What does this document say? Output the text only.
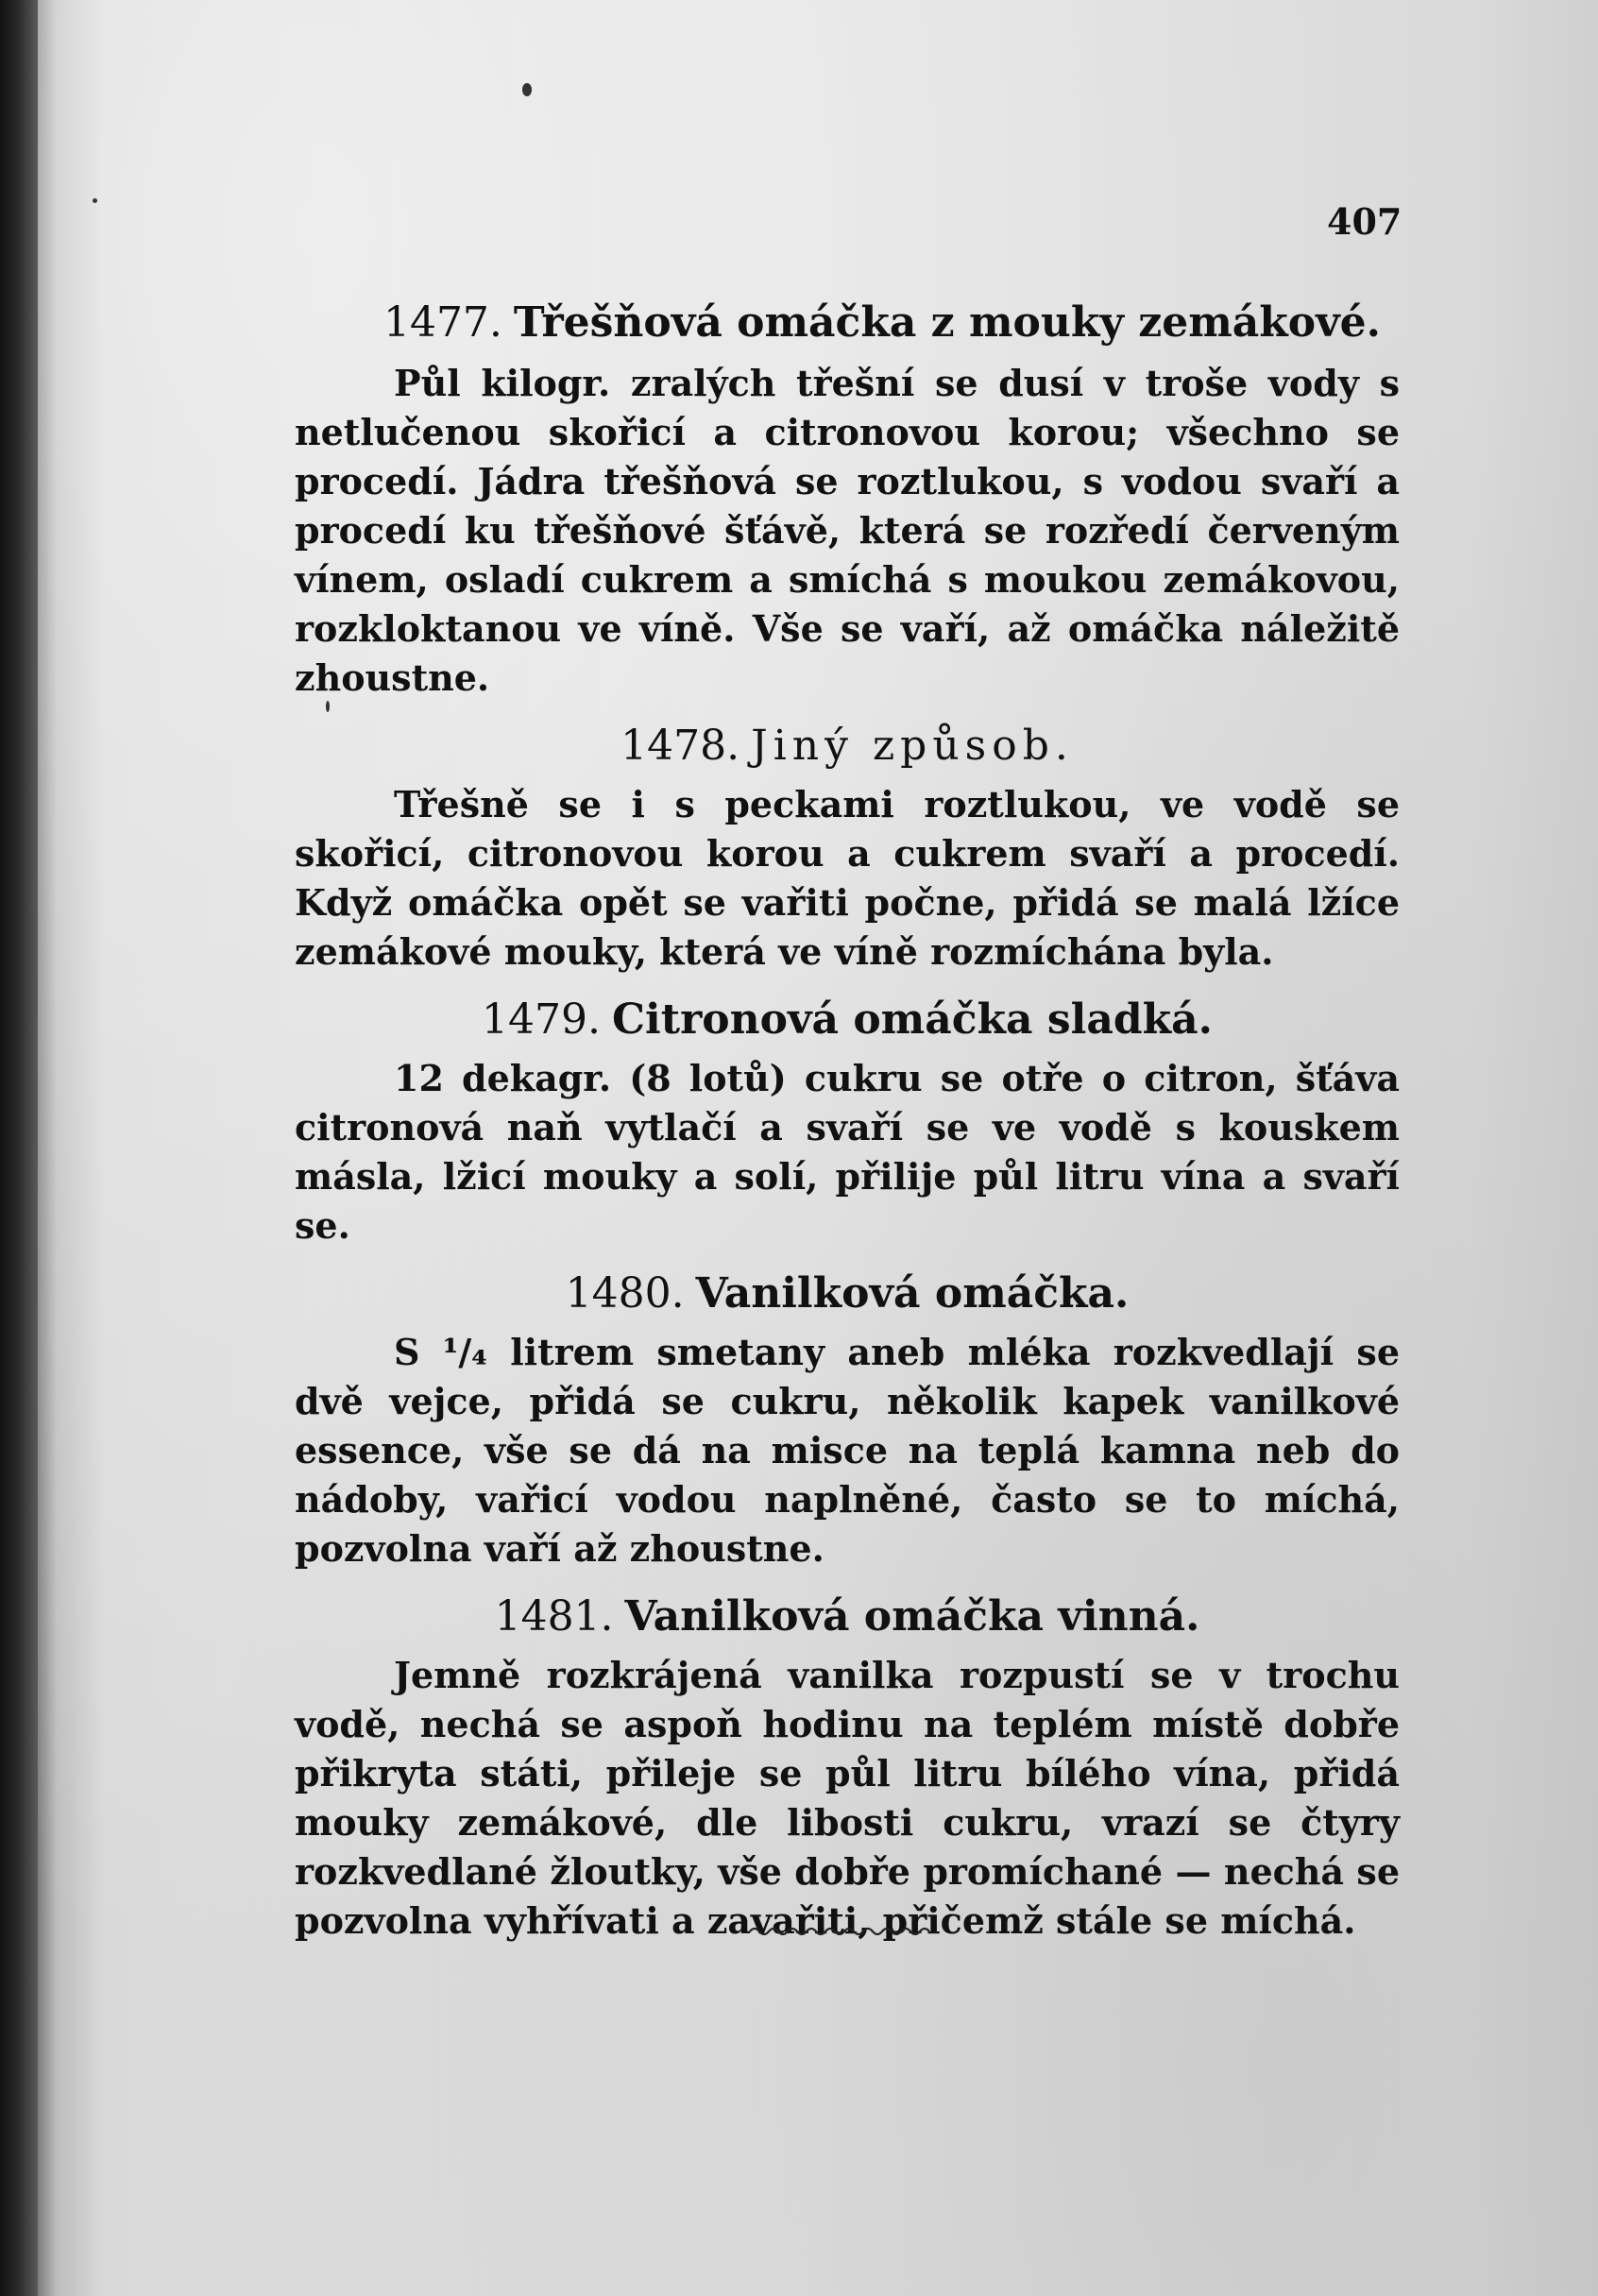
407
1477. Třešňová omáčka z mouky zemákové.

Půl kilogr. zralých třešní se dusí v troše vody s netlučenou skořicí a citronovou korou; všechno se procedí. Jádra třešňová se roztlukou, s vodou svaří a procedí ku třešňové šťávě, která se rozředí červeným vínem, osladí cukrem a smíchá s moukou zemákovou, rozkloktanou ve víně. Vše se vaří, až omáčka náležitě zhoustne.

1478. Jiný způsob.

Třešně se i s peckami roztlukou, ve vodě se skořicí, citronovou korou a cukrem svaří a procedí. Když omáčka opět se vařiti počne, přidá se malá lžíce zemákové mouky, která ve víně rozmíchána byla.

1479. Citronová omáčka sladká.

12 dekagr. (8 lotů) cukru se otře o citron, šťáva citronová naň vytlačí a svaří se ve vodě s kouskem másla, lžicí mouky a solí, přilije půl litru vína a svaří se.

1480. Vanilková omáčka.

S ¹/₄ litrem smetany aneb mléka rozkvedlají se dvě vejce, přidá se cukru, několik kapek vanilkové essence, vše se dá na misce na teplá kamna neb do nádoby, vařicí vodou naplněné, často se to míchá, pozvolna vaří až zhoustne.

1481. Vanilková omáčka vinná.

Jemně rozkrájená vanilka rozpustí se v trochu vodě, nechá se aspoň hodinu na teplém místě dobře přikryta státi, přileje se půl litru bílého vína, přidá mouky zemákové, dle libosti cukru, vrazí se čtyry rozkvedlané žloutky, vše dobře promíchané — nechá se pozvolna vyhřívati a zavařiti, přičemž stále se míchá.
